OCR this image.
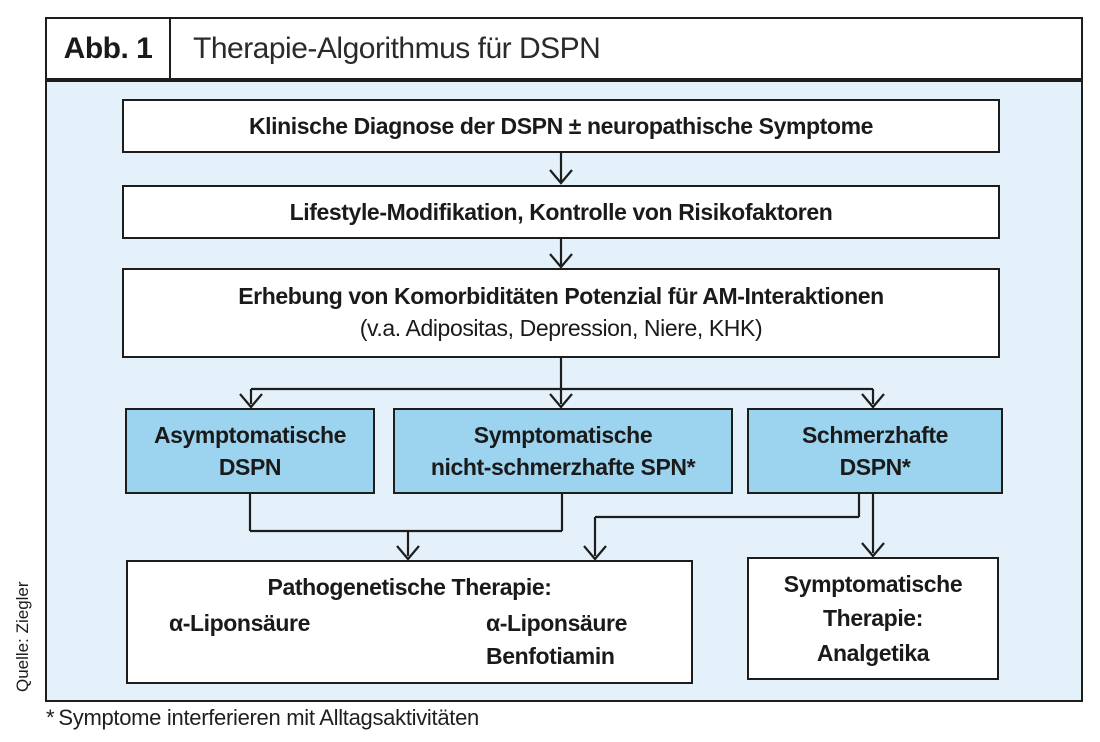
Abb. 1	Therapie-Algorithmus für DSPN
Klinische Diagnose der DSPN ± neuropathische Symptome
Lifestyle-Modifikation, Kontrolle von Risikofaktoren
Erhebung von Komorbiditäten Potenzial für AM-Interaktionen
(v.a. Adipositas, Depression, Niere, KHK)
Asymptomatische
DSPN
Symptomatische
nicht-schmerzhafte SPN*
Schmerzhafte
DSPN*
Pathogenetische Therapie:
α-Liponsäure	α-Liponsäure
Benfotiamin
Symptomatische
Therapie:
Analgetika
Quelle: Ziegler
* Symptome interferieren mit Alltagsaktivitäten
